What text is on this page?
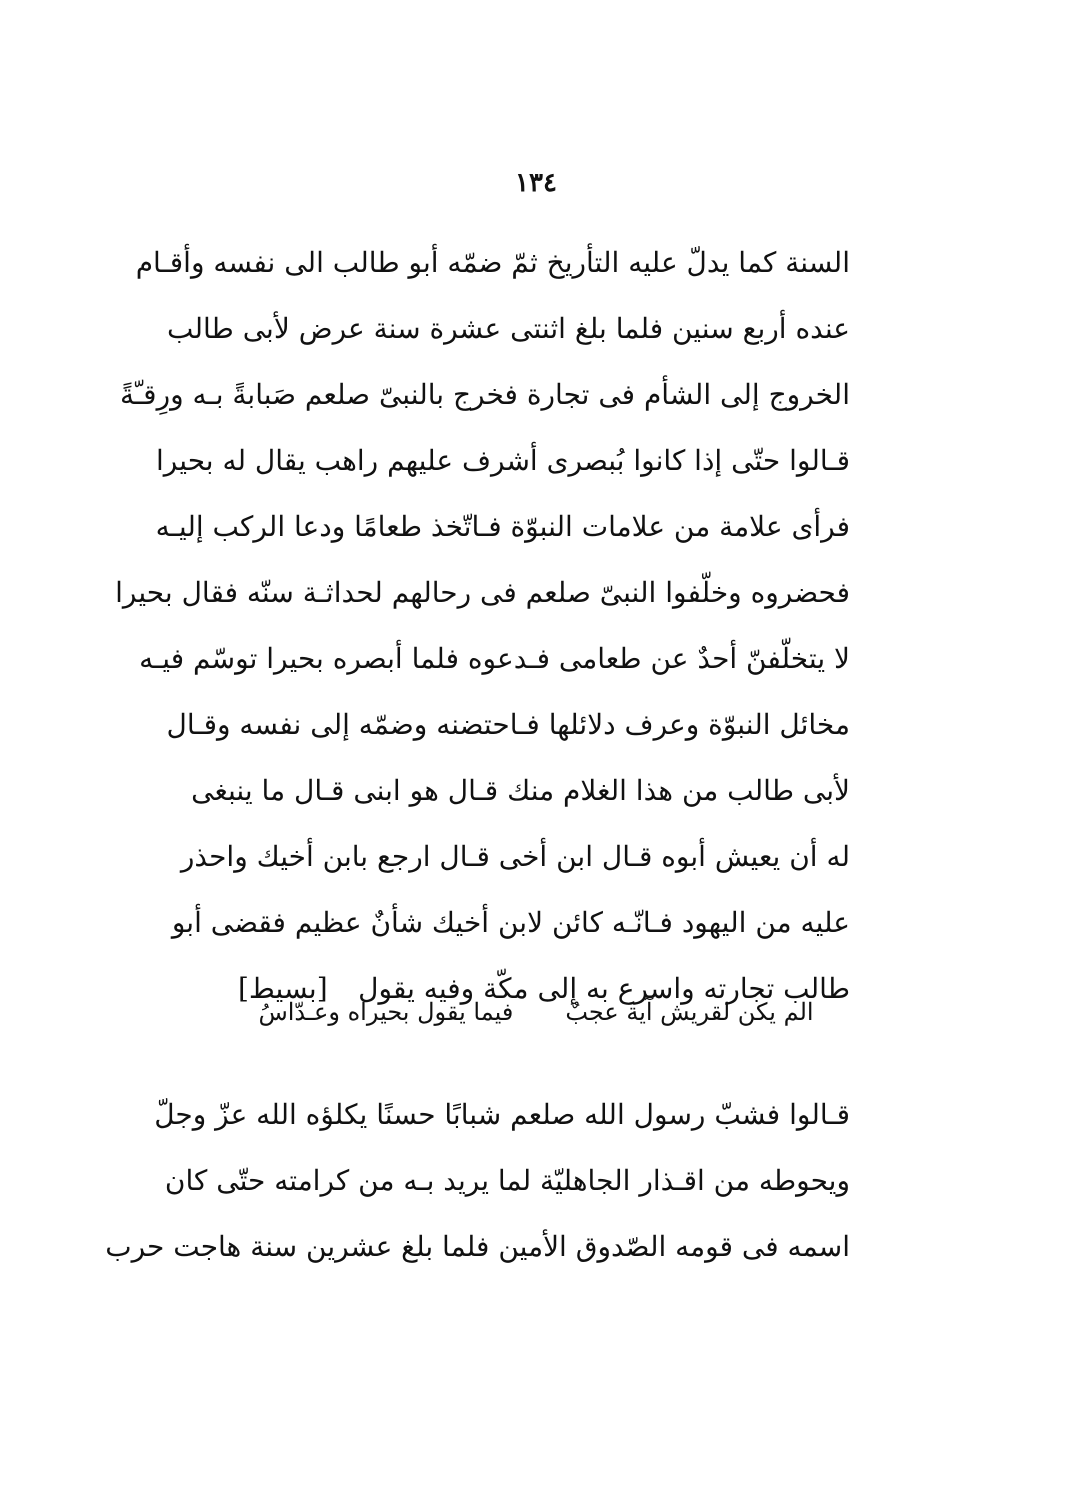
١٣٤
السنة كما يدلّ عليه التأريخ ثمّ ضمّه أبو طالب الى نفسه وأقـام
عنده أربع سنين فلما بلغ اثنتى عشرة سنة عرض لأبى طالب
الخروج إلى الشأم فى تجارة فخرج بالنبىّ صلعم صَبابةً بـه ورِقـّةً
قـالوا حتّى إذا كانوا بُبصرى أشرف عليهم راهب يقال له بحيرا
فرأى علامة من علامات النبوّة فـاتّخذ طعامًا ودعا الركب إليـه
فحضروه وخلّفوا النبىّ صلعم فى رحالهم لحداثـة سنّه فقال بحيرا
لا يتخلّفنّ أحدٌ عن طعامى فـدعوه فلما أبصره بحيرا توسّم فيـه
مخائل النبوّة وعرف دلائلها فـاحتضنه وضمّه إلى نفسه وقـال
لأبى طالب من هذا الغلام منك قـال هو ابنى قـال ما ينبغى
له أن يعيش أبوه قـال ابن أخى قـال ارجع بابن أخيك واحذر
عليه من اليهود فـانّـه كائن لابن أخيك شأنٌ عظيم فقضى أبو
طالب تجارته واسرع به إلى مكّة وفيه يقول
[بسيط]
الم يكن لقريش آية عجبٌ
فيما يقول بحيرا‌ه وعـدّاسُ
قـالوا فشبّ رسول الله صلعم شبابًا حسنًا يكلؤه الله عزّ وجلّ
ويحوطه من اقـذار الجاهليّة لما يريد بـه من كرامته حتّى كان
اسمه فى قومه الصّدوق الأمين فلما بلغ عشرين سنة هاجت حرب
